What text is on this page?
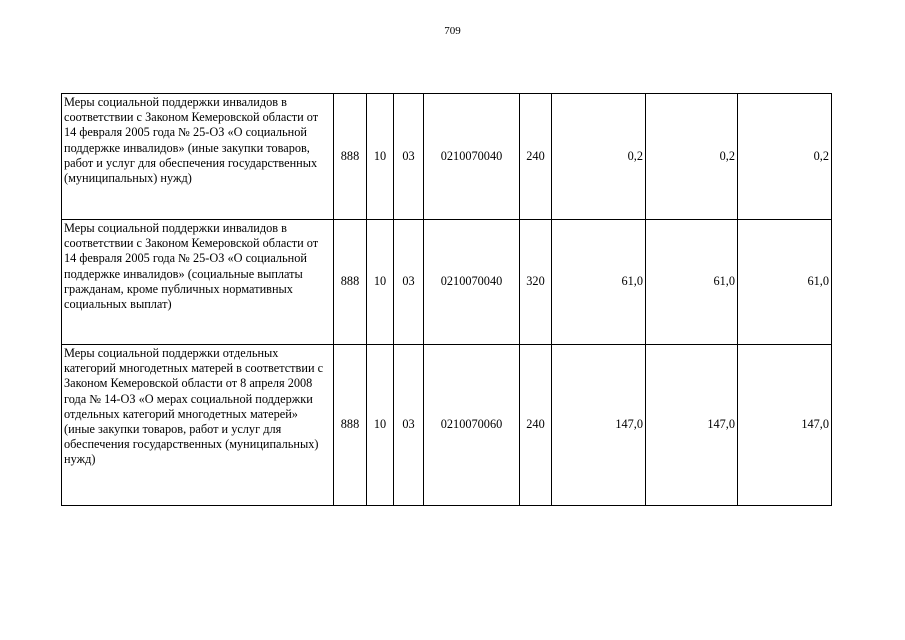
709
Меры социальной поддержки инвалидов в соответствии с Законом Кемеровской области от 14 февраля 2005 года № 25-ОЗ «О социальной поддержке инвалидов» (иные закупки товаров, работ и услуг для обеспечения государственных (муниципальных) нужд)	888	10	03	0210070040	240	0,2	0,2	0,2
Меры социальной поддержки инвалидов в соответствии с Законом Кемеровской области от 14 февраля 2005 года № 25-ОЗ «О социальной поддержке инвалидов» (социальные выплаты гражданам, кроме публичных нормативных социальных выплат)	888	10	03	0210070040	320	61,0	61,0	61,0
Меры социальной поддержки отдельных категорий многодетных матерей в соответствии с Законом Кемеровской области от 8 апреля 2008 года № 14-ОЗ «О мерах социальной поддержки отдельных категорий многодетных матерей» (иные закупки товаров, работ и услуг для обеспечения государственных (муниципальных) нужд)	888	10	03	0210070060	240	147,0	147,0	147,0
